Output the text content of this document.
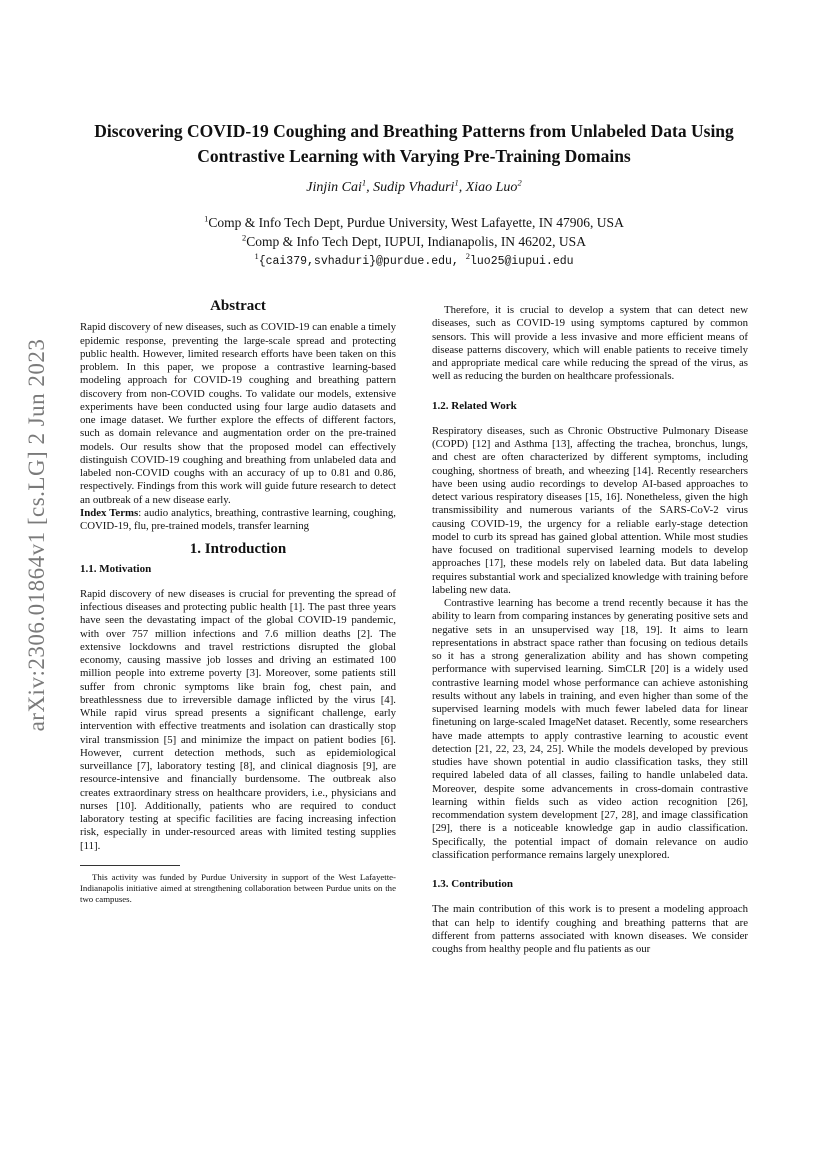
arXiv:2306.01864v1 [cs.LG] 2 Jun 2023
Discovering COVID-19 Coughing and Breathing Patterns from Unlabeled Data Using Contrastive Learning with Varying Pre-Training Domains
Jinjin Cai$^1$, Sudip Vhaduri$^1$, Xiao Luo$^2$
$^1$Comp & Info Tech Dept, Purdue University, West Lafayette, IN 47906, USA
$^2$Comp & Info Tech Dept, IUPUI, Indianapolis, IN 46202, USA
$^1${cai379,svhaduri}@purdue.edu, $^2$luo25@iupui.edu
Abstract

Rapid discovery of new diseases, such as COVID-19 can enable a timely epidemic response, preventing the large-scale spread and protecting public health. However, limited research efforts have been taken on this problem. In this paper, we propose a contrastive learning-based modeling approach for COVID-19 coughing and breathing pattern discovery from non-COVID coughs. To validate our models, extensive experiments have been conducted using four large audio datasets and one image dataset. We further explore the effects of different factors, such as domain relevance and augmentation order on the pre-trained models. Our results show that the proposed model can effectively distinguish COVID-19 coughing and breathing from unlabeled data and labeled non-COVID coughs with an accuracy of up to 0.81 and 0.86, respectively. Findings from this work will guide future research to detect an outbreak of a new disease early.

Index Terms: audio analytics, breathing, contrastive learning, coughing, COVID-19, flu, pre-trained models, transfer learning

1. Introduction
1.1. Motivation

Rapid discovery of new diseases is crucial for preventing the spread of infectious diseases and protecting public health [1]. The past three years have seen the devastating impact of the global COVID-19 pandemic, with over 757 million infections and 7.6 million deaths [2]. The extensive lockdowns and travel restrictions disrupted the global economy, causing massive job losses and driving an estimated 100 million people into extreme poverty [3]. Moreover, some patients still suffer from chronic symptoms like brain fog, chest pain, and breathlessness due to irreversible damage inflicted by the virus [4]. While rapid virus spread presents a significant challenge, early intervention with effective treatments and isolation can drastically stop viral transmission [5] and minimize the impact on patient bodies [6]. However, current detection methods, such as epidemiological surveillance [7], laboratory testing [8], and clinical diagnosis [9], are resource-intensive and financially burdensome. The outbreak also creates extraordinary stress on healthcare providers, i.e., physicians and nurses [10]. Additionally, patients who are required to conduct laboratory testing at specific facilities are facing increasing infection risk, especially in under-resourced areas with limited testing supplies [11].

This activity was funded by Purdue University in support of the West Lafayette-Indianapolis initiative aimed at strengthening collaboration between Purdue units on the two campuses.

Therefore, it is crucial to develop a system that can detect new diseases, such as COVID-19 using symptoms captured by common sensors. This will provide a less invasive and more efficient means of disease patterns discovery, which will enable patients to receive timely and appropriate medical care while reducing the spread of the virus, as well as reducing the burden on healthcare professionals.

1.2. Related Work

Respiratory diseases, such as Chronic Obstructive Pulmonary Disease (COPD) [12] and Asthma [13], affecting the trachea, bronchus, lungs, and chest are often characterized by different symptoms, including coughing, shortness of breath, and wheezing [14]. Recently researchers have been using audio recordings to develop AI-based approaches to detect various respiratory diseases [15, 16]. Nonetheless, given the high transmissibility and numerous variants of the SARS-CoV-2 virus causing COVID-19, the urgency for a reliable early-stage detection model to curb its spread has gained global attention. While most studies have focused on traditional supervised learning models to develop approaches [17], these models rely on labeled data. But data labeling requires substantial work and specialized knowledge with training before labeling new data.

Contrastive learning has become a trend recently because it has the ability to learn from comparing instances by generating positive sets and negative sets in an unsupervised way [18, 19]. It aims to learn representations in abstract space rather than focusing on tedious details so it has a strong generalization ability and has shown competing performance with supervised learning. SimCLR [20] is a widely used contrastive learning model whose performance can achieve astonishing results without any labels in training, and even higher than some of the supervised learning models with much fewer labeled data for linear finetuning on large-scaled ImageNet dataset. Recently, some researchers have made attempts to apply contrastive learning to acoustic event detection [21, 22, 23, 24, 25]. While the models developed by previous studies have shown potential in audio classification tasks, they still required labeled data of all classes, failing to handle unlabeled data. Moreover, despite some advancements in cross-domain contrastive learning within fields such as video action recognition [26], recommendation system development [27, 28], and image classification [29], there is a noticeable knowledge gap in audio classification. Specifically, the potential impact of domain relevance on audio classification performance remains largely unexplored.

1.3. Contribution

The main contribution of this work is to present a modeling approach that can help to identify coughing and breathing patterns that are different from patterns associated with known diseases. We consider coughs from healthy people and flu patients as our
